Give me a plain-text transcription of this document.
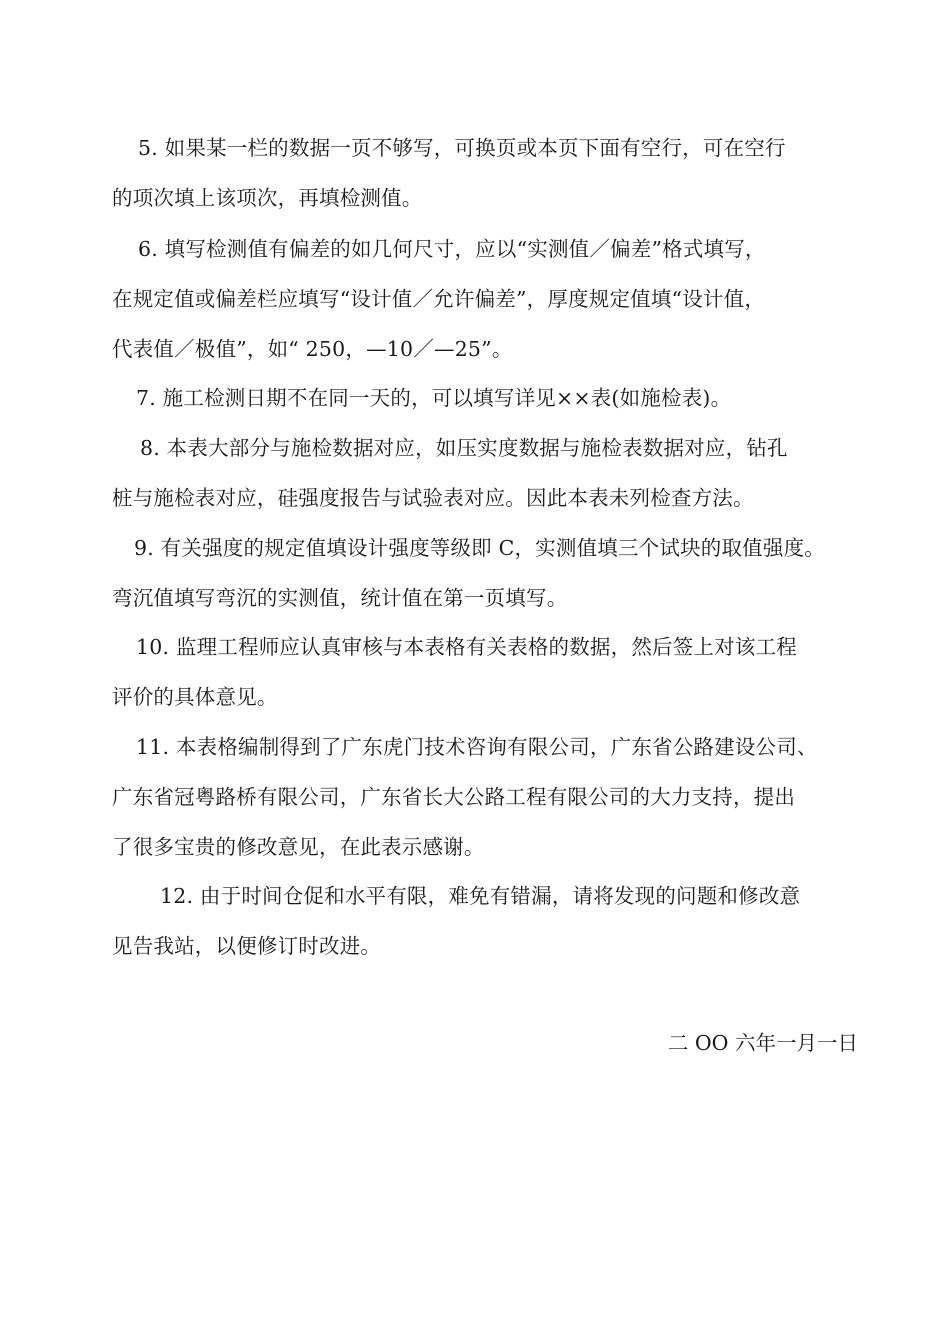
5. 如果某一栏的数据一页不够写，可换页或本页下面有空行，可在空行
的项次填上该项次，再填检测值。
6. 填写检测值有偏差的如几何尺寸，应以“实测值／偏差”格式填写，
在规定值或偏差栏应填写“设计值／允许偏差”，厚度规定值填“设计值，
代表值／极值”，如“ 250，—10／—25”。
7. 施工检测日期不在同一天的，可以填写详见××表(如施检表)。
8. 本表大部分与施检数据对应，如压实度数据与施检表数据对应，钻孔
桩与施检表对应，硅强度报告与试验表对应。因此本表未列检查方法。
9. 有关强度的规定值填设计强度等级即 C，实测值填三个试块的取值强度。
弯沉值填写弯沉的实测值，统计值在第一页填写。
10. 监理工程师应认真审核与本表格有关表格的数据，然后签上对该工程
评价的具体意见。
11. 本表格编制得到了广东虎门技术咨询有限公司，广东省公路建设公司、
广东省冠粤路桥有限公司，广东省长大公路工程有限公司的大力支持，提出
了很多宝贵的修改意见，在此表示感谢。
12. 由于时间仓促和水平有限，难免有错漏，请将发现的问题和修改意
见告我站，以便修订时改进。
二 OO 六年一月一日
